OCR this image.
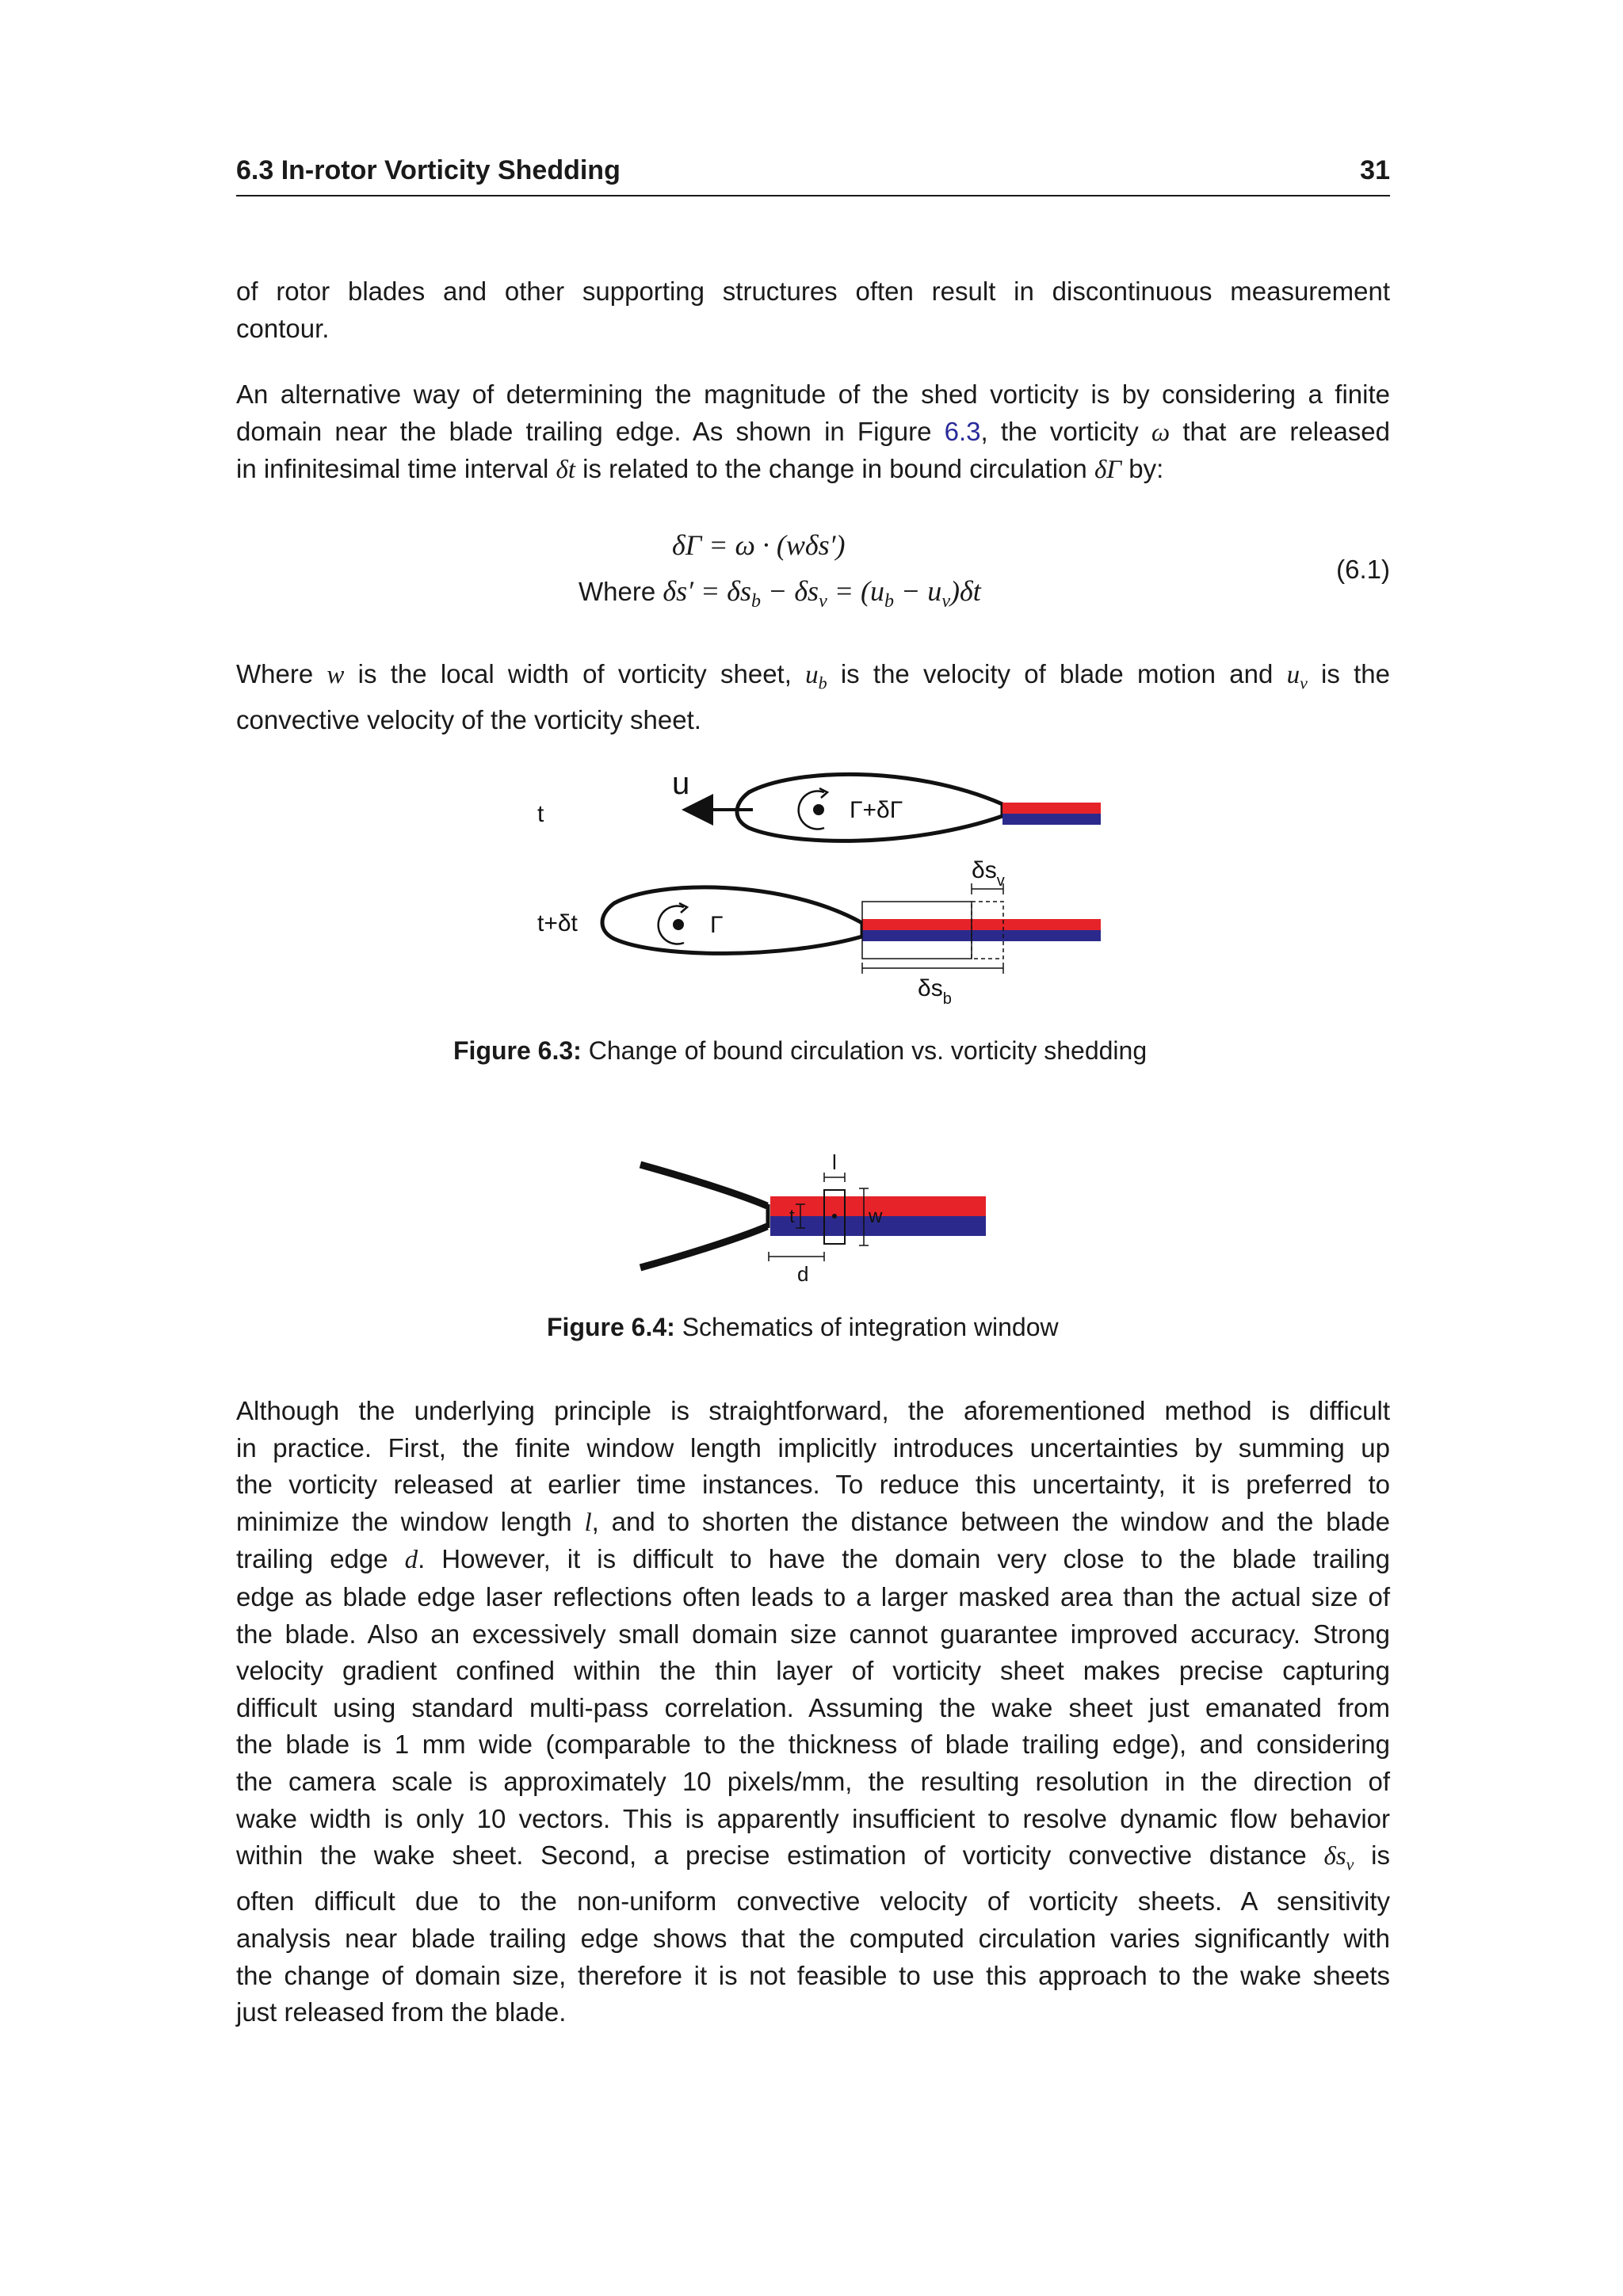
6.3 In-rotor Vorticity Shedding	31
of rotor blades and other supporting structures often result in discontinuous measurement
contour.
An alternative way of determining the magnitude of the shed vorticity is by considering a finite
domain near the blade trailing edge. As shown in Figure 6.3, the vorticity ω that are released
in infinitesimal time interval δt is related to the change in bound circulation δΓ by:
δΓ = ω · (wδs′)
Where $\delta s' = \delta s_b - \delta s_v = (u_b - u_v)\delta t$
(6.1)
Where w is the local width of vorticity sheet, $u_b$ is the velocity of blade motion and $u_v$ is the
convective velocity of the vorticity sheet.
t
u
Γ+δΓ
t+δt	Γ
$\delta s_v$
$\delta s_b$
Figure 6.3: Change of bound circulation vs. vorticity shedding
l
t	w
d
Figure 6.4: Schematics of integration window
Although the underlying principle is straightforward, the aforementioned method is difficult
in practice. First, the finite window length implicitly introduces uncertainties by summing up
the vorticity released at earlier time instances. To reduce this uncertainty, it is preferred to
minimize the window length l, and to shorten the distance between the window and the blade
trailing edge d. However, it is difficult to have the domain very close to the blade trailing
edge as blade edge laser reflections often leads to a larger masked area than the actual size of
the blade. Also an excessively small domain size cannot guarantee improved accuracy. Strong
velocity gradient confined within the thin layer of vorticity sheet makes precise capturing
difficult using standard multi-pass correlation. Assuming the wake sheet just emanated from
the blade is 1 mm wide (comparable to the thickness of blade trailing edge), and considering
the camera scale is approximately 10 pixels/mm, the resulting resolution in the direction of
wake width is only 10 vectors. This is apparently insufficient to resolve dynamic flow behavior
within the wake sheet. Second, a precise estimation of vorticity convective distance $\delta s_v$ is
often difficult due to the non-uniform convective velocity of vorticity sheets. A sensitivity
analysis near blade trailing edge shows that the computed circulation varies significantly with
the change of domain size, therefore it is not feasible to use this approach to the wake sheets
just released from the blade.
